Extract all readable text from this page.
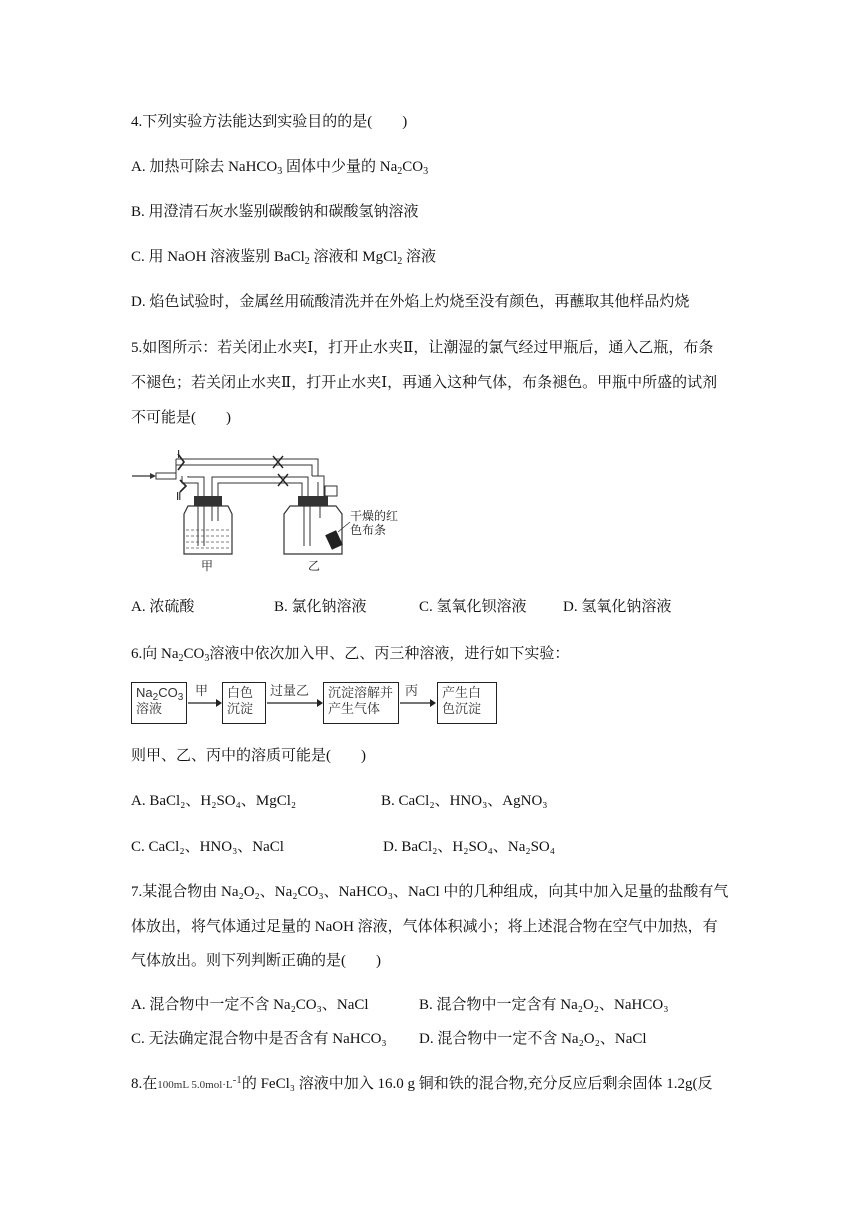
4.下列实验方法能达到实验目的的是(　　)
A. 加热可除去 NaHCO$_3$ 固体中少量的 $Na_2CO_3$
B. 用澄清石灰水鉴别碳酸钠和碳酸氢钠溶液
C. 用 NaOH 溶液鉴别 BaCl$_2$ 溶液和 MgCl$_2$ 溶液
D. 焰色试验时，金属丝用硫酸清洗并在外焰上灼烧至没有颜色，再蘸取其他样品灼烧
5.如图所示：若关闭止水夹Ⅰ，打开止水夹Ⅱ，让潮湿的氯气经过甲瓶后，通入乙瓶，布条
不褪色；若关闭止水夹Ⅱ，打开止水夹Ⅰ，再通入这种气体，布条褪色。甲瓶中所盛的试剂
不可能是(　　)
Ⅰ
Ⅱ
甲	乙
干燥的红
色布条
A. 浓硫酸	B. 氯化钠溶液	C. 氢氧化钡溶液 D. 氢氧化钠溶液
6.向 $Na_2CO_3$溶液中依次加入甲、乙、丙三种溶液，进行如下实验：
$Na_2CO_3$
溶液
甲	白色沉淀
过量乙	沉淀溶解并产生气体
丙	产生白色沉淀
则甲、乙、丙中的溶质可能是(　　)
A. BaCl₂、H₂SO₄、MgCl₂	B. CaCl₂、HNO₃、AgNO₃
C. CaCl₂、HNO₃、NaCl	D. BaCl₂、H₂SO₄、Na₂SO₄
7.某混合物由 Na₂O₂、Na₂CO₃、NaHCO₃、NaCl 中的几种组成，向其中加入足量的盐酸有气
体放出，将气体通过足量的 NaOH 溶液，气体体积减小；将上述混合物在空气中加热，有
气体放出。则下列判断正确的是(　　)
A. 混合物中一定不含 Na₂CO₃、NaCl	B. 混合物中一定含有 Na₂O₂、NaHCO₃
C. 无法确定混合物中是否含有 NaHCO₃ D. 混合物中一定不含 Na₂O₂、NaCl
8.在100mL $5.0mol\cdot L^{-1}$的 FeCl₃ 溶液中加入 16.0 g 铜和铁的混合物,充分反应后剩余固体 1.2g(反
